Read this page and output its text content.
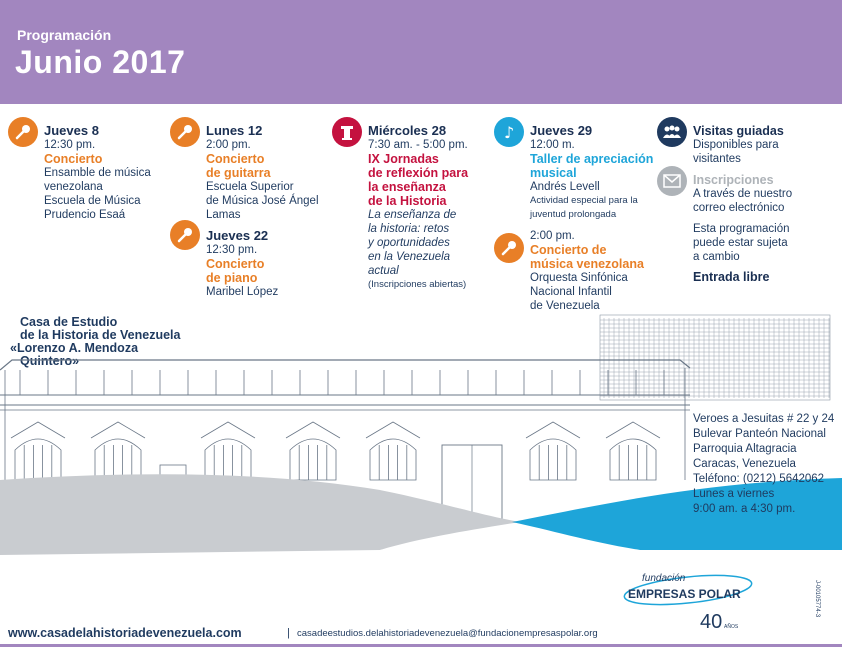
Programación
Junio 2017
Jueves 8
12:30 pm.
Concierto
Ensamble de música
venezolana
Escuela de Música
Prudencio Esaá
Lunes 12
2:00 pm.
Concierto
de guitarra
Escuela Superior
de Música José Ángel
Lamas
Jueves 22
12:30 pm.
Concierto
de piano
Maribel López
Miércoles 28
7:30 am. - 5:00 pm.
IX Jornadas
de reflexión para
la enseñanza
de la Historia
La enseñanza de
la historia: retos
y oportunidades
en la Venezuela
actual
(Inscripciones abiertas)
♪ Jueves 29
12:00 m.
Taller de apreciación
musical
Andrés Levell
Actividad especial para la
juventud prolongada
2:00 pm.
Concierto de
música venezolana
Orquesta Sinfónica
Nacional Infantil
de Venezuela
Visitas guiadas
Disponibles para
visitantes
Inscripciones
A través de nuestro
correo electrónico
Esta programación
puede estar sujeta
a cambio
Entrada libre
Casa de Estudio
de la Historia de Venezuela
«Lorenzo A. Mendoza
Quintero»
Veroes a Jesuitas # 22 y 24
Bulevar Panteón Nacional
Parroquia Altagracia
Caracas, Venezuela
Teléfono: (0212) 5642062
Lunes a viernes
9:00 am. a 4:30 pm.
fundación
EMPRESAS POLAR
40 AÑOS
J-00105774-3
www.casadelahistoriadevenezuela.com	| casadeestudios.delahistoriadevenezuela@fundacionempresaspolar.org
